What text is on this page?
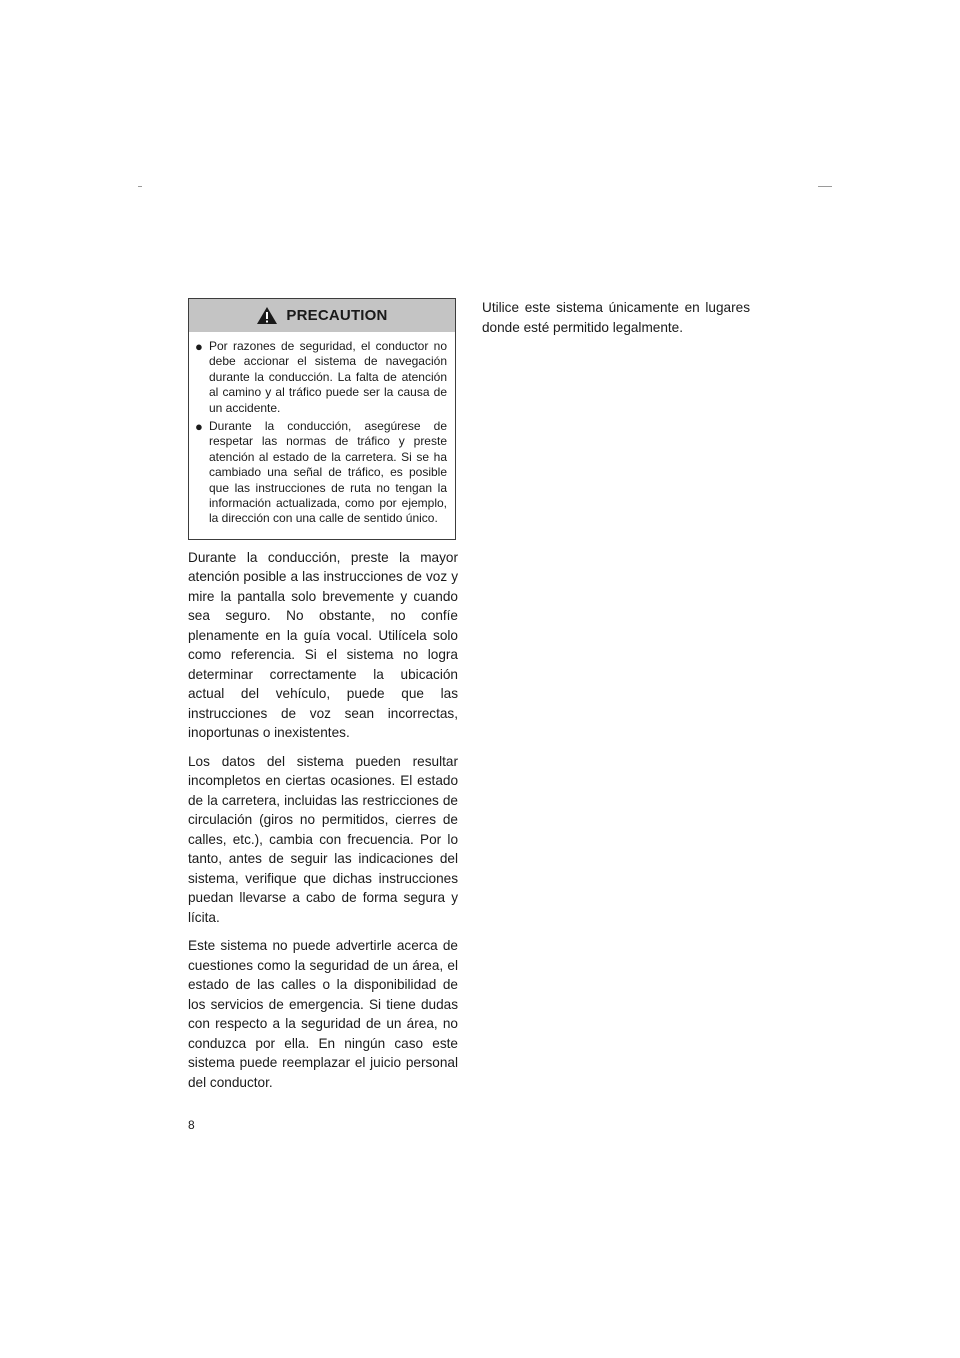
PRECAUTION
● Por razones de seguridad, el conductor no debe accionar el sistema de navegación durante la conducción. La falta de atención al camino y al tráfico puede ser la causa de un accidente.
● Durante la conducción, asegúrese de respetar las normas de tráfico y preste atención al estado de la carretera. Si se ha cambiado una señal de tráfico, es posible que las instrucciones de ruta no tengan la información actualizada, como por ejemplo, la dirección con una calle de sentido único.

Durante la conducción, preste la mayor atención posible a las instrucciones de voz y mire la pantalla solo brevemente y cuando sea seguro. No obstante, no confíe plenamente en la guía vocal. Utilícela solo como referencia. Si el sistema no logra determinar correctamente la ubicación actual del vehículo, puede que las instrucciones de voz sean incorrectas, inoportunas o inexistentes.

Los datos del sistema pueden resultar incompletos en ciertas ocasiones. El estado de la carretera, incluidas las restricciones de circulación (giros no permitidos, cierres de calles, etc.), cambia con frecuencia. Por lo tanto, antes de seguir las indicaciones del sistema, verifique que dichas instrucciones puedan llevarse a cabo de forma segura y lícita.

Este sistema no puede advertirle acerca de cuestiones como la seguridad de un área, el estado de las calles o la disponibilidad de los servicios de emergencia. Si tiene dudas con respecto a la seguridad de un área, no conduzca por ella. En ningún caso este sistema puede reemplazar el juicio personal del conductor.

Utilice este sistema únicamente en lugares donde esté permitido legalmente.

8
